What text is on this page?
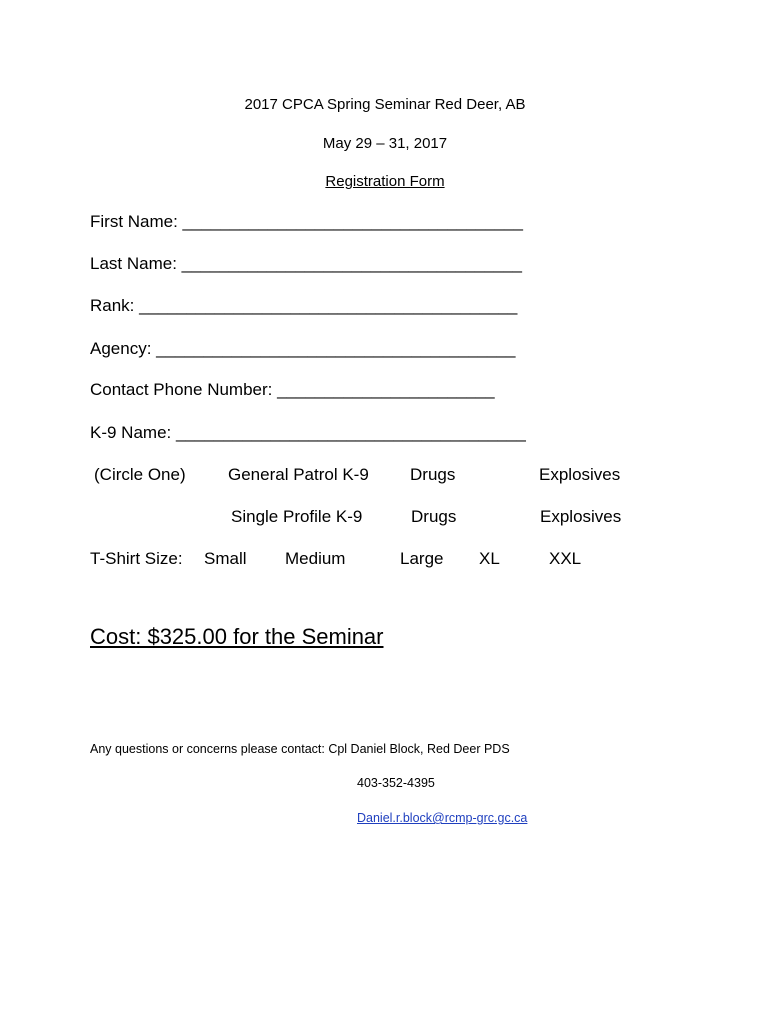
2017 CPCA Spring Seminar Red Deer, AB
May 29 – 31, 2017
Registration Form
First Name: ____________________________________
Last Name: ____________________________________
Rank: ________________________________________
Agency: ______________________________________
Contact Phone Number: _______________________
K-9 Name: _____________________________________
(Circle One) General Patrol K-9 Drugs	Explosives
Single Profile K-9	Drugs	Explosives
T-Shirt Size: Small Medium	Large XL	XXL
Cost: $325.00 for the Seminar
Any questions or concerns please contact: Cpl Daniel Block, Red Deer PDS
403-352-4395
Daniel.r.block@rcmp-grc.gc.ca
